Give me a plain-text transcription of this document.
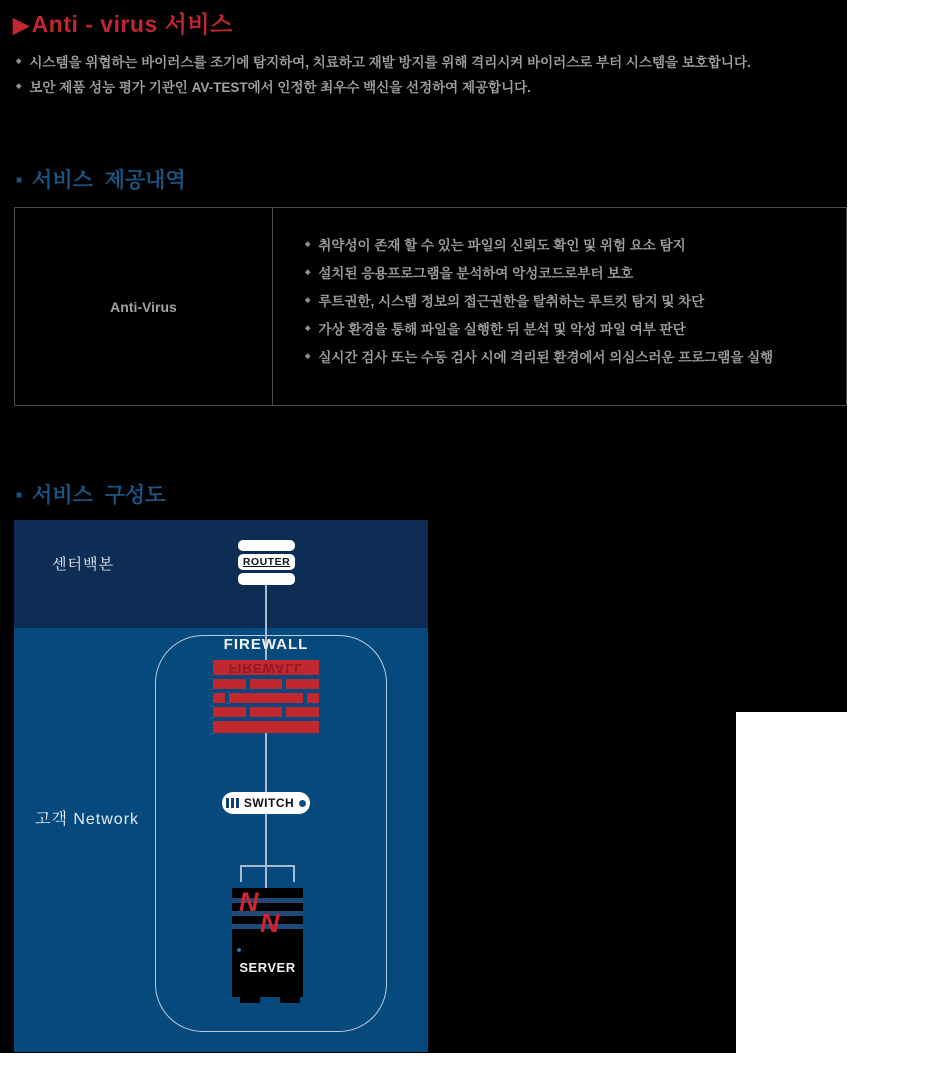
▶Anti - virus 서비스
◆ 시스템을 위협하는 바이러스를 조기에 탐지하여, 치료하고 재발 방지를 위해 격리시켜 바이러스로 부터 시스템을 보호합니다.
◆ 보안 제품 성능 평가 기관인 AV-TEST에서 인정한 최우수 백신을 선정하여 제공합니다.
■ 서비스  제공내역
Anti-Virus
◆ 취약성이 존재 할 수 있는 파일의 신뢰도 확인 및 위험 요소 탐지
◆ 설치된 응용프로그램을 분석하여 악성코드로부터 보호
◆ 루트권한, 시스템 정보의 접근권한을 탈취하는 루트킷 탐지 및 차단
◆ 가상 환경을 통해 파일을 실행한 뒤 분석 및 악성 파일 여부 판단
◆ 실시간 검사 또는 수동 검사 시에 격리된 환경에서 의심스러운 프로그램을 실행
■ 서비스  구성도
센터백본
고객 Network
ROUTER
FIREWALL
FIREWALL
SWITCH
N
N
SERVER
